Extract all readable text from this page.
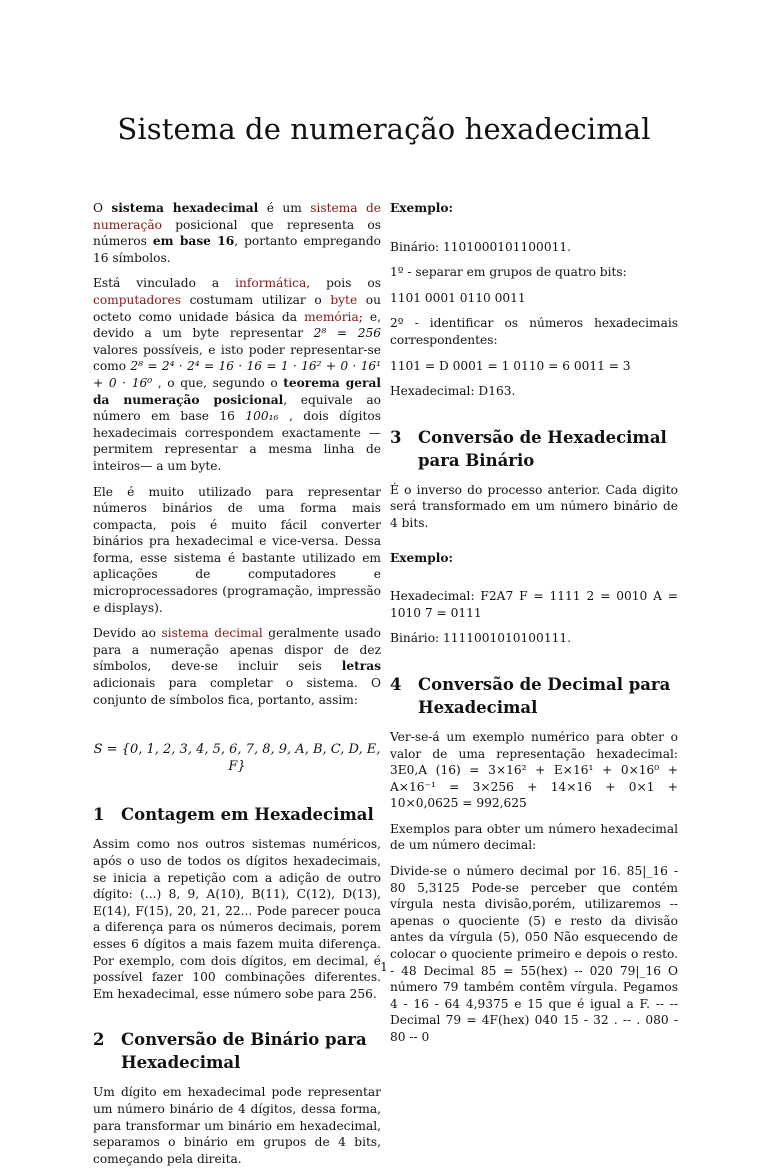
Sistema de numeração hexadecimal

O sistema hexadecimal é um sistema de numeração posicional que representa os números em base 16, portanto empregando 16 símbolos.

Está vinculado a informática, pois os computadores costumam utilizar o byte ou octeto como unidade básica da memória; e, devido a um byte representar 2⁸ = 256 valores possíveis, e isto poder representar-se como 2⁸ = 2⁴ · 2⁴ = 16 · 16 = 1 · 16² + 0 · 16¹ + 0 · 16⁰ , o que, segundo o teorema geral da numeração posicional, equivale ao número em base 16 100₁₆ , dois dígitos hexadecimais correspondem exactamente —permitem representar a mesma linha de inteiros— a um byte.

Ele é muito utilizado para representar números binários de uma forma mais compacta, pois é muito fácil converter binários pra hexadecimal e vice-versa. Dessa forma, esse sistema é bastante utilizado em aplicações de computadores e microprocessadores (programação, impressão e displays).

Devido ao sistema decimal geralmente usado para a numeração apenas dispor de dez símbolos, deve-se incluir seis letras adicionais para completar o sistema. O conjunto de símbolos fica, portanto, assim:

S = {0, 1, 2, 3, 4, 5, 6, 7, 8, 9, A, B, C, D, E, F}
1	Contagem em Hexadecimal

Assim como nos outros sistemas numéricos, após o uso de todos os dígitos hexadecimais, se inicia a repetição com a adição de outro dígito: (...) 8, 9, A(10), B(11), C(12), D(13), E(14), F(15), 20, 21, 22... Pode parecer pouca a diferença para os números decimais, porem esses 6 dígitos a mais fazem muita diferença. Por exemplo, com dois dígitos, em decimal, é possível fazer 100 combinações diferentes. Em hexadecimal, esse número sobe para 256.

2	Conversão de Binário para Hexadecimal

Um dígito em hexadecimal pode representar um número binário de 4 dígitos, dessa forma, para transformar um binário em hexadecimal, separamos o binário em grupos de 4 bits, começando pela direita.

Exemplo:

Binário: 1101000101100011.

1º - separar em grupos de quatro bits:

1101 0001 0110 0011

2º - identificar os números hexadecimais correspondentes:

1101 = D 0001 = 1 0110 = 6 0011 = 3

Hexadecimal: D163.

3	Conversão de Hexadecimal para Binário

É o inverso do processo anterior. Cada digito será transformado em um número binário de 4 bits.

Exemplo:

Hexadecimal: F2A7 F = 1111 2 = 0010 A = 1010 7 = 0111

Binário: 1111001010100111.

4	Conversão de Decimal para Hexadecimal

Ver-se-á um exemplo numérico para obter o valor de uma representação hexadecimal: 3E0,A (16) = 3×16² + E×16¹ + 0×16⁰ + A×16⁻¹ = 3×256 + 14×16 + 0×1 + 10×0,0625 = 992,625

Exemplos para obter um número hexadecimal de um número decimal:

Divide-se o número decimal por 16. 85|_16 - 80 5,3125 Pode-se perceber que contém vírgula nesta divisão,porém, utilizaremos -- apenas o quociente (5) e resto da divisão antes da vírgula (5), 050 Não esquecendo de colocar o quociente primeiro e depois o resto. - 48 Decimal 85 = 55(hex) -- 020 79|_16 O número 79 também contêm vírgula. Pegamos 4 - 16 - 64 4,9375 e 15 que é igual a F. -- -- Decimal 79 = 4F(hex) 040 15 - 32 . -- . 080 - 80 -- 0

1
